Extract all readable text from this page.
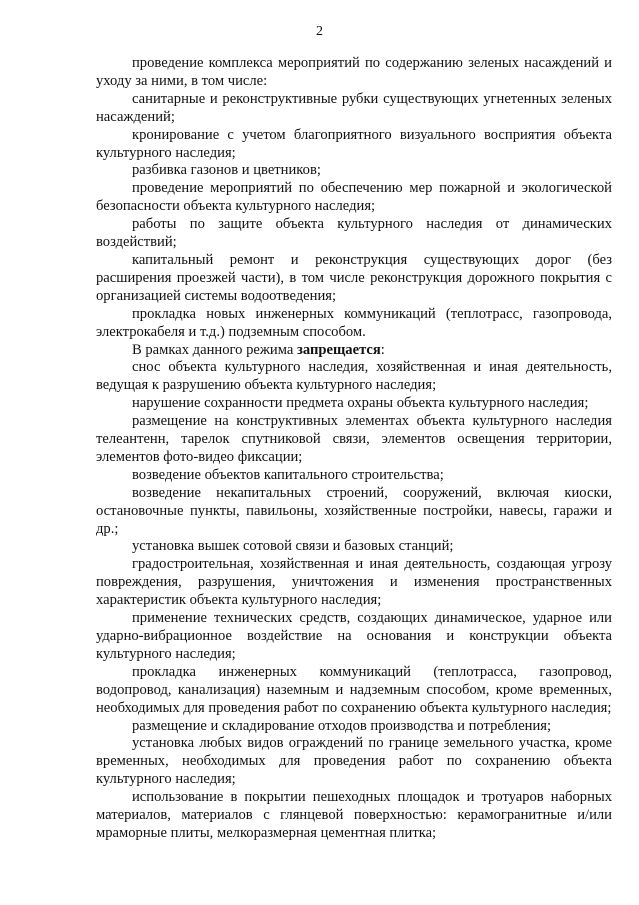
2

проведение комплекса мероприятий по содержанию зеленых насаждений и уходу за ними, в том числе:

санитарные и реконструктивные рубки существующих угнетенных зеленых насаждений;

кронирование с учетом благоприятного визуального восприятия объекта культурного наследия;

разбивка газонов и цветников;

проведение мероприятий по обеспечению мер пожарной и экологической безопасности объекта культурного наследия;

работы по защите объекта культурного наследия от динамических воздействий;

капитальный ремонт и реконструкция существующих дорог (без расширения проезжей части), в том числе реконструкция дорожного покрытия с организацией системы водоотведения;

прокладка новых инженерных коммуникаций (теплотрасс, газопровода, электрокабеля и т.д.) подземным способом.

В рамках данного режима запрещается:

снос объекта культурного наследия, хозяйственная и иная деятельность, ведущая к разрушению объекта культурного наследия;

нарушение сохранности предмета охраны объекта культурного наследия;

размещение на конструктивных элементах объекта культурного наследия телеантенн, тарелок спутниковой связи, элементов освещения территории, элементов фото-видео фиксации;

возведение объектов капитального строительства;

возведение некапитальных строений, сооружений, включая киоски, остановочные пункты, павильоны, хозяйственные постройки, навесы, гаражи и др.;

установка вышек сотовой связи и базовых станций;

градостроительная, хозяйственная и иная деятельность, создающая угрозу повреждения, разрушения, уничтожения и изменения пространственных характеристик объекта культурного наследия;

применение технических средств, создающих динамическое, ударное или ударно-вибрационное воздействие на основания и конструкции объекта культурного наследия;

прокладка инженерных коммуникаций (теплотрасса, газопровод, водопровод, канализация) наземным и надземным способом, кроме временных, необходимых для проведения работ по сохранению объекта культурного наследия;

размещение и складирование отходов производства и потребления;

установка любых видов ограждений по границе земельного участка, кроме временных, необходимых для проведения работ по сохранению объекта культурного наследия;

использование в покрытии пешеходных площадок и тротуаров наборных материалов, материалов с глянцевой поверхностью: керамогранитные и/или мраморные плиты, мелкоразмерная цементная плитка;
